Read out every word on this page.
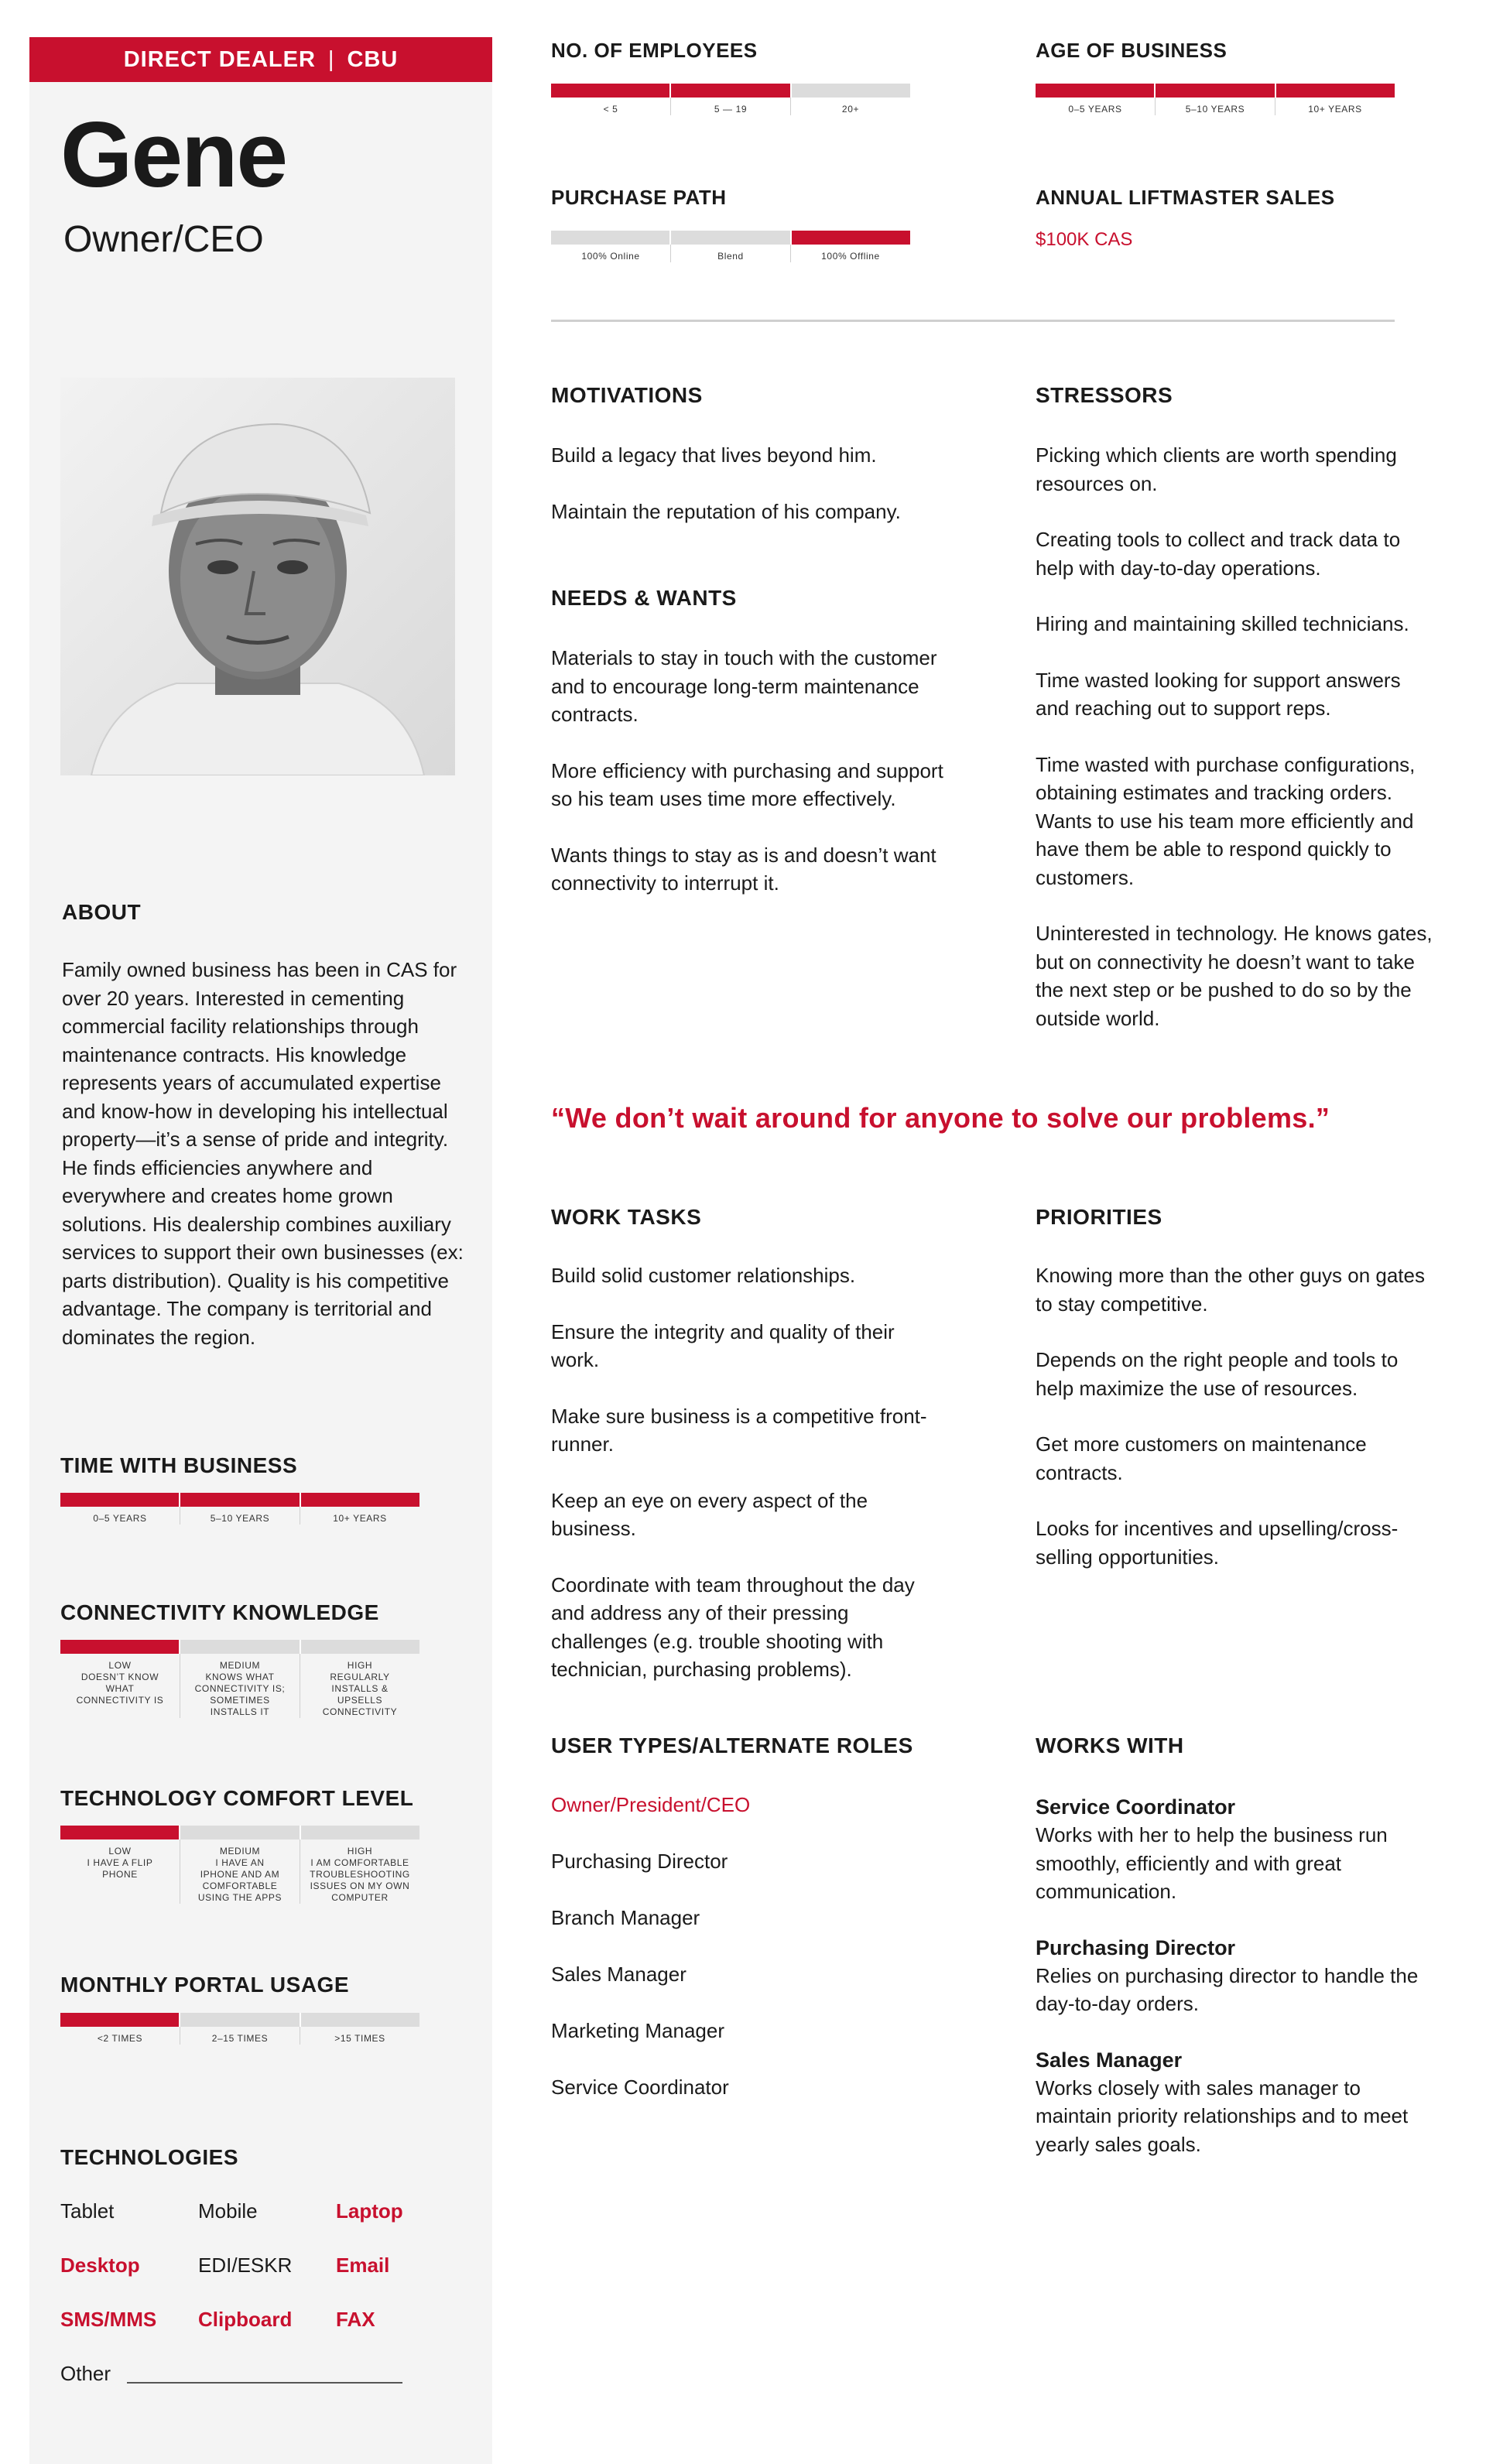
DIRECT DEALER | CBU
Gene
Owner/CEO
ABOUT
Family owned business has been in CAS for over 20 years. Interested in cementing commercial facility relationships through maintenance contracts. His knowledge represents years of accumulated expertise and know-how in developing his intellectual property—it’s a sense of pride and integrity. He finds efficiencies anywhere and everywhere and creates home grown solutions. His dealership combines auxiliary services to support their own businesses (ex: parts distribution). Quality is his competitive advantage. The company is territorial and dominates the region.
TIME WITH BUSINESS
0–5 YEARS	5–10 YEARS	10+ YEARS
CONNECTIVITY KNOWLEDGE
LOW
DOESN’T KNOW
WHAT
CONNECTIVITY IS
MEDIUM
KNOWS WHAT
CONNECTIVITY IS;
SOMETIMES
INSTALLS IT
HIGH
REGULARLY
INSTALLS &
UPSELLS
CONNECTIVITY
TECHNOLOGY COMFORT LEVEL
LOW
I HAVE A FLIP
PHONE
MEDIUM
I HAVE AN
IPHONE AND AM
COMFORTABLE
USING THE APPS
HIGH
I AM COMFORTABLE
TROUBLESHOOTING
ISSUES ON MY OWN
COMPUTER
MONTHLY PORTAL USAGE
<2 TIMES	2–15 TIMES	>15 TIMES
TECHNOLOGIES
Tablet	Mobile	Laptop
Desktop	EDI/ESKR	Email
SMS/MMS	Clipboard	FAX
Other
NO. OF EMPLOYEES
< 5	5 — 19	20+
AGE OF BUSINESS
0–5 YEARS	5–10 YEARS	10+ YEARS
PURCHASE PATH
100% Online	Blend	100% Offline
ANNUAL LIFTMASTER SALES
$100K CAS
MOTIVATIONS
Build a legacy that lives beyond him.
Maintain the reputation of his company.
NEEDS & WANTS
Materials to stay in touch with the customer and to encourage long-term maintenance contracts.
More efficiency with purchasing and support so his team uses time more effectively.
Wants things to stay as is and doesn’t want connectivity to interrupt it.
STRESSORS
Picking which clients are worth spending resources on.
Creating tools to collect and track data to help with day-to-day operations.
Hiring and maintaining skilled technicians.
Time wasted looking for support answers and reaching out to support reps.
Time wasted with purchase configurations, obtaining estimates and tracking orders. Wants to use his team more efficiently and have them be able to respond quickly to customers.
Uninterested in technology. He knows gates, but on connectivity he doesn’t want to take the next step or be pushed to do so by the outside world.
“We don’t wait around for anyone to solve our problems.”
WORK TASKS
Build solid customer relationships.
Ensure the integrity and quality of their work.
Make sure business is a competitive front-runner.
Keep an eye on every aspect of the business.
Coordinate with team throughout the day and address any of their pressing challenges (e.g. trouble shooting with technician, purchasing problems).
PRIORITIES
Knowing more than the other guys on gates to stay competitive.
Depends on the right people and tools to help maximize the use of resources.
Get more customers on maintenance contracts.
Looks for incentives and upselling/cross-selling opportunities.
USER TYPES/ALTERNATE ROLES
Owner/President/CEO
Purchasing Director
Branch Manager
Sales Manager
Marketing Manager
Service Coordinator
WORKS WITH
Service Coordinator
Works with her to help the business run smoothly, efficiently and with great communication.
Purchasing Director
Relies on purchasing director to handle the day-to-day orders.
Sales Manager
Works closely with sales manager to maintain priority relationships and to meet yearly sales goals.
